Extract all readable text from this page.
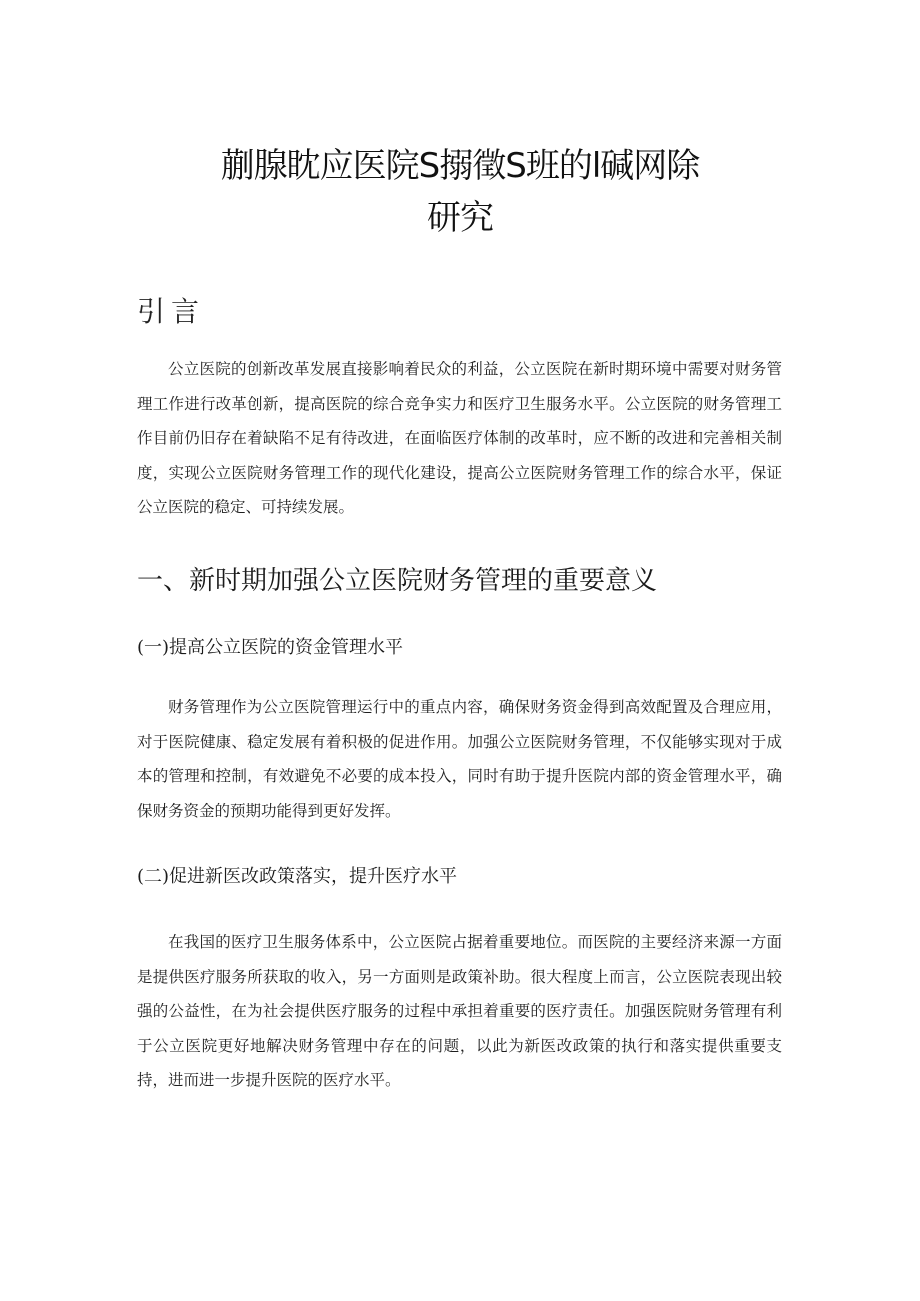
蒯腺眈应医院S搦徵S班的l碱网除
研究
引言

公立医院的创新改革发展直接影响着民众的利益，公立医院在新时期环境中需要对财务管理工作进行改革创新，提高医院的综合竞争实力和医疗卫生服务水平。公立医院的财务管理工作目前仍旧存在着缺陷不足有待改进，在面临医疗体制的改革时，应不断的改进和完善相关制度，实现公立医院财务管理工作的现代化建设，提高公立医院财务管理工作的综合水平，保证公立医院的稳定、可持续发展。

一、新时期加强公立医院财务管理的重要意义
(一)提高公立医院的资金管理水平

财务管理作为公立医院管理运行中的重点内容，确保财务资金得到高效配置及合理应用，对于医院健康、稳定发展有着积极的促进作用。加强公立医院财务管理，不仅能够实现对于成本的管理和控制，有效避免不必要的成本投入，同时有助于提升医院内部的资金管理水平，确保财务资金的预期功能得到更好发挥。

(二)促进新医改政策落实，提升医疗水平

在我国的医疗卫生服务体系中，公立医院占据着重要地位。而医院的主要经济来源一方面是提供医疗服务所获取的收入，另一方面则是政策补助。很大程度上而言，公立医院表现出较强的公益性，在为社会提供医疗服务的过程中承担着重要的医疗责任。加强医院财务管理有利于公立医院更好地解决财务管理中存在的问题，以此为新医改政策的执行和落实提供重要支持，进而进一步提升医院的医疗水平。
